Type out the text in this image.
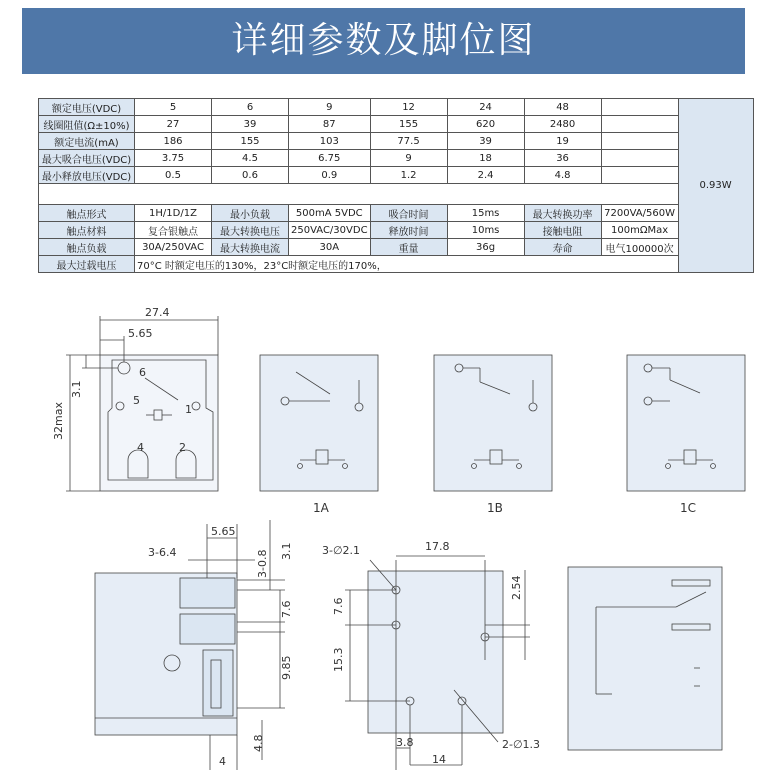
详细参数及脚位图
额定电压(VDC)	5	6	9	12	24	48		0.93W
线圈阻值(Ω±10%)	27	39	87	155	620	2480		
额定电流(mA)	186	155	103	77.5	39	19		
最大吸合电压(VDC)	3.75	4.5	6.75	9	18	36		
最小释放电压(VDC)	0.5	0.6	0.9	1.2	2.4	4.8		

触点形式	1H/1D/1Z	最小负载	500mA 5VDC	吸合时间	15ms	最大转换功率	7200VA/560W	
触点材料	复合银触点	最大转换电压	250VAC/30VDC	释放时间	10ms	接触电阻	100mΩMax	
触点负载	30A/250VAC	最大转换电流	30A	重量	36g	寿命	电气100000次	
最大过载电压	70°C 时额定电压的130%，23°C时额定电压的170%，							
27.4
5.65
3.1
32max
6
5
1
4	2
1A	1B	1C
3-6.4
5.65
3-0.8 3.1
7.6
9.85
4.8
4
3-∅2.1	17.8
2.54
7.6
15.3
3.8
14
2-∅1.3
